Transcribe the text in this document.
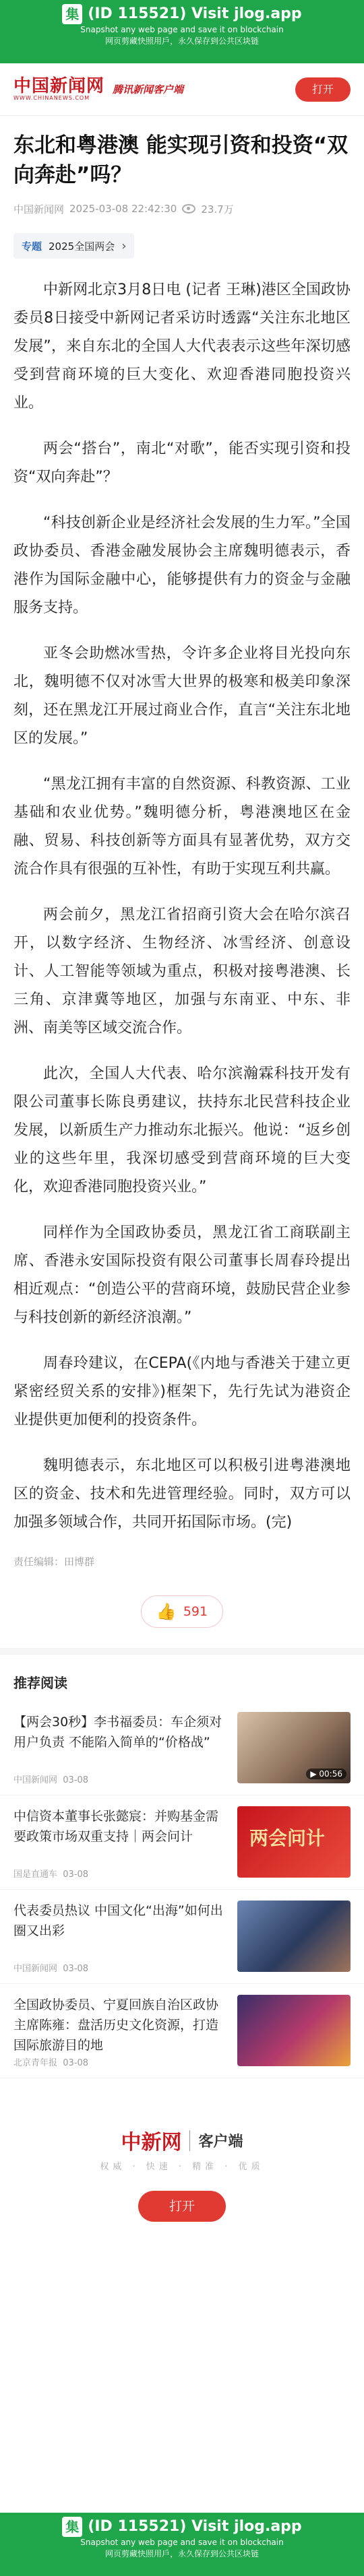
集 (ID 115521) Visit jlog.app
Snapshot any web page and save it on blockchain
网页剪藏快照用戶，永久保存到公共区块链
中国新闻网
WWW.CHINANEWS.COM
腾讯新闻客户端	打开
东北和粤港澳 能实现引资和投资“双向奔赴”吗？
中国新闻网 2025-03-08 22:42:30 23.7万
专题 2025全国两会 ›

中新网北京3月8日电 (记者 王琳)港区全国政协委员8日接受中新网记者采访时透露“关注东北地区发展”，来自东北的全国人大代表表示这些年深切感受到营商环境的巨大变化、欢迎香港同胞投资兴业。

两会“搭台”，南北“对歌”，能否实现引资和投资“双向奔赴”？

“科技创新企业是经济社会发展的生力军。”全国政协委员、香港金融发展协会主席魏明德表示，香港作为国际金融中心，能够提供有力的资金与金融服务支持。

亚冬会助燃冰雪热，令许多企业将目光投向东北，魏明德不仅对冰雪大世界的极寒和极美印象深刻，还在黑龙江开展过商业合作，直言“关注东北地区的发展。”

“黑龙江拥有丰富的自然资源、科教资源、工业基础和农业优势。”魏明德分析，粤港澳地区在金融、贸易、科技创新等方面具有显著优势，双方交流合作具有很强的互补性，有助于实现互利共赢。

两会前夕，黑龙江省招商引资大会在哈尔滨召开，以数字经济、生物经济、冰雪经济、创意设计、人工智能等领域为重点，积极对接粤港澳、长三角、京津冀等地区，加强与东南亚、中东、非洲、南美等区域交流合作。

此次，全国人大代表、哈尔滨瀚霖科技开发有限公司董事长陈良勇建议，扶持东北民营科技企业发展，以新质生产力推动东北振兴。他说：“返乡创业的这些年里，我深切感受到营商环境的巨大变化，欢迎香港同胞投资兴业。”

同样作为全国政协委员，黑龙江省工商联副主席、香港永安国际投资有限公司董事长周春玲提出相近观点：“创造公平的营商环境，鼓励民营企业参与科技创新的新经济浪潮。”

周春玲建议，在CEPA(《内地与香港关于建立更紧密经贸关系的安排》)框架下，先行先试为港资企业提供更加便利的投资条件。

魏明德表示，东北地区可以积极引进粤港澳地区的资金、技术和先进管理经验。同时，双方可以加强多领域合作，共同开拓国际市场。(完)

责任编辑：田博群
👍 591
推荐阅读
【两会30秒】李书福委员：车企须对用户负责 不能陷入简单的“价格战”
中国新闻网 03-08
▶ 00:56
中信资本董事长张懿宸：并购基金需要政策市场双重支持｜两会问计
国是直通车 03-08
两会问计
代表委员热议 中国文化“出海”如何出圈又出彩
中国新闻网 03-08
全国政协委员、宁夏回族自治区政协主席陈雍：盘活历史文化资源，打造国际旅游目的地
北京青年报 03-08
中新网	客户端
权威 · 快速 · 精准 · 优质
打开
集 (ID 115521) Visit jlog.app
Snapshot any web page and save it on blockchain
网页剪藏快照用戶，永久保存到公共区块链
